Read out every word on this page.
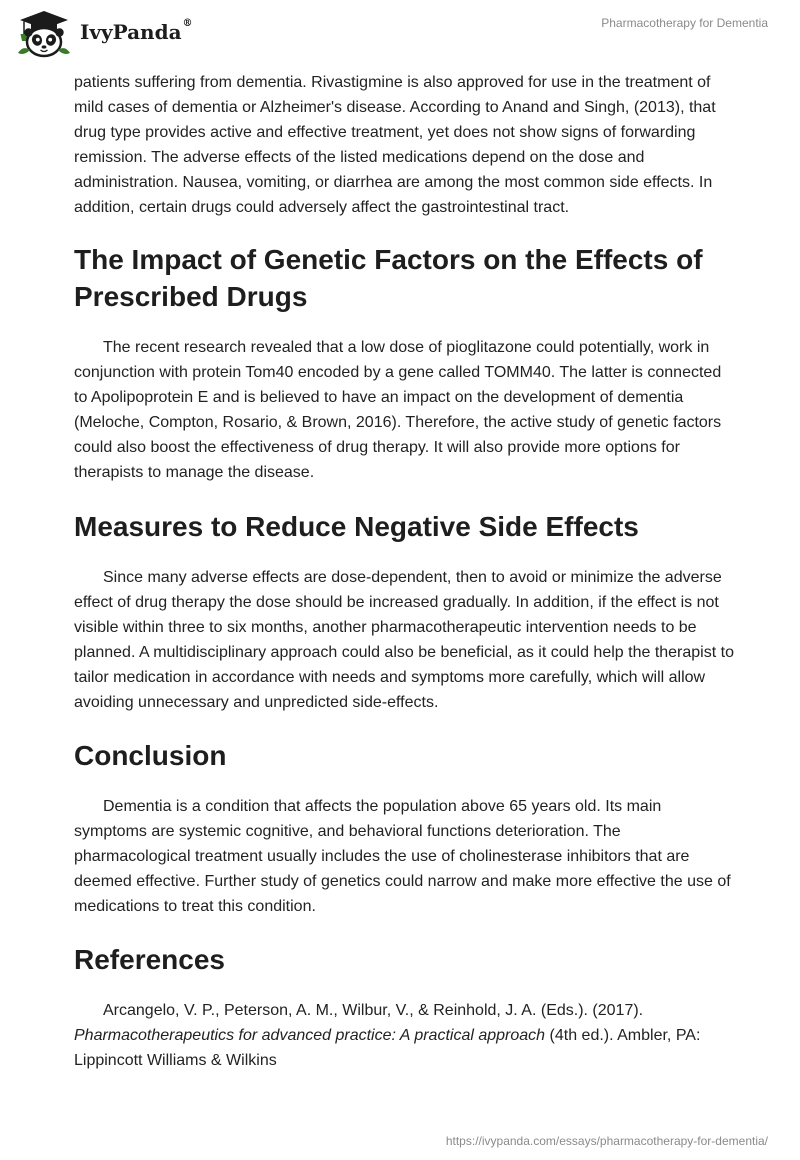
IvyPanda®	Pharmacotherapy for Dementia

patients suffering from dementia. Rivastigmine is also approved for use in the treatment of mild cases of dementia or Alzheimer's disease. According to Anand and Singh, (2013), that drug type provides active and effective treatment, yet does not show signs of forwarding remission. The adverse effects of the listed medications depend on the dose and administration. Nausea, vomiting, or diarrhea are among the most common side effects. In addition, certain drugs could adversely affect the gastrointestinal tract.

The Impact of Genetic Factors on the Effects of Prescribed Drugs

The recent research revealed that a low dose of pioglitazone could potentially, work in conjunction with protein Tom40 encoded by a gene called TOMM40. The latter is connected to Apolipoprotein E and is believed to have an impact on the development of dementia (Meloche, Compton, Rosario, & Brown, 2016). Therefore, the active study of genetic factors could also boost the effectiveness of drug therapy. It will also provide more options for therapists to manage the disease.

Measures to Reduce Negative Side Effects

Since many adverse effects are dose-dependent, then to avoid or minimize the adverse effect of drug therapy the dose should be increased gradually. In addition, if the effect is not visible within three to six months, another pharmacotherapeutic intervention needs to be planned. A multidisciplinary approach could also be beneficial, as it could help the therapist to tailor medication in accordance with needs and symptoms more carefully, which will allow avoiding unnecessary and unpredicted side-effects.

Conclusion

Dementia is a condition that affects the population above 65 years old. Its main symptoms are systemic cognitive, and behavioral functions deterioration. The pharmacological treatment usually includes the use of cholinesterase inhibitors that are deemed effective. Further study of genetics could narrow and make more effective the use of medications to treat this condition.

References

Arcangelo, V. P., Peterson, A. M., Wilbur, V., & Reinhold, J. A. (Eds.). (2017). Pharmacotherapeutics for advanced practice: A practical approach (4th ed.). Ambler, PA: Lippincott Williams & Wilkins

https://ivypanda.com/essays/pharmacotherapy-for-dementia/
